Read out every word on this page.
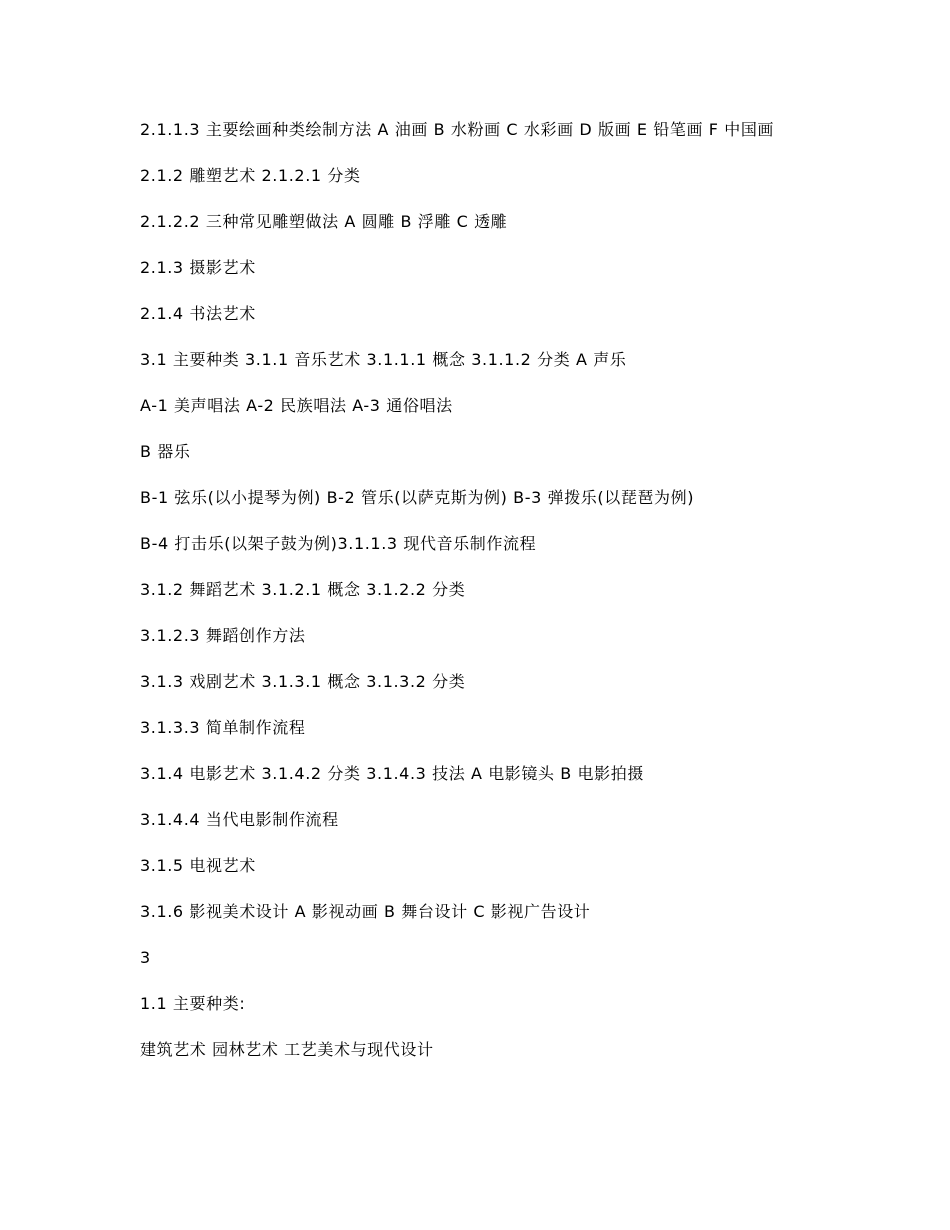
2.1.1.3 主要绘画种类绘制方法 A 油画 B 水粉画 C 水彩画 D 版画 E 铅笔画 F 中国画

2.1.2 雕塑艺术 2.1.2.1 分类

2.1.2.2 三种常见雕塑做法 A 圆雕 B 浮雕 C 透雕

2.1.3 摄影艺术

2.1.4 书法艺术

3.1 主要种类 3.1.1 音乐艺术 3.1.1.1 概念 3.1.1.2 分类 A 声乐

A-1 美声唱法 A-2 民族唱法 A-3 通俗唱法

B 器乐

B-1 弦乐(以小提琴为例) B-2 管乐(以萨克斯为例) B-3 弹拨乐(以琵琶为例)

B-4 打击乐(以架子鼓为例)3.1.1.3 现代音乐制作流程

3.1.2 舞蹈艺术 3.1.2.1 概念 3.1.2.2 分类

3.1.2.3 舞蹈创作方法

3.1.3 戏剧艺术 3.1.3.1 概念 3.1.3.2 分类

3.1.3.3 简单制作流程

3.1.4 电影艺术 3.1.4.2 分类 3.1.4.3 技法 A 电影镜头 B 电影拍摄

3.1.4.4 当代电影制作流程

3.1.5 电视艺术

3.1.6 影视美术设计 A 影视动画 B 舞台设计 C 影视广告设计

3

1.1 主要种类:

建筑艺术 园林艺术 工艺美术与现代设计
